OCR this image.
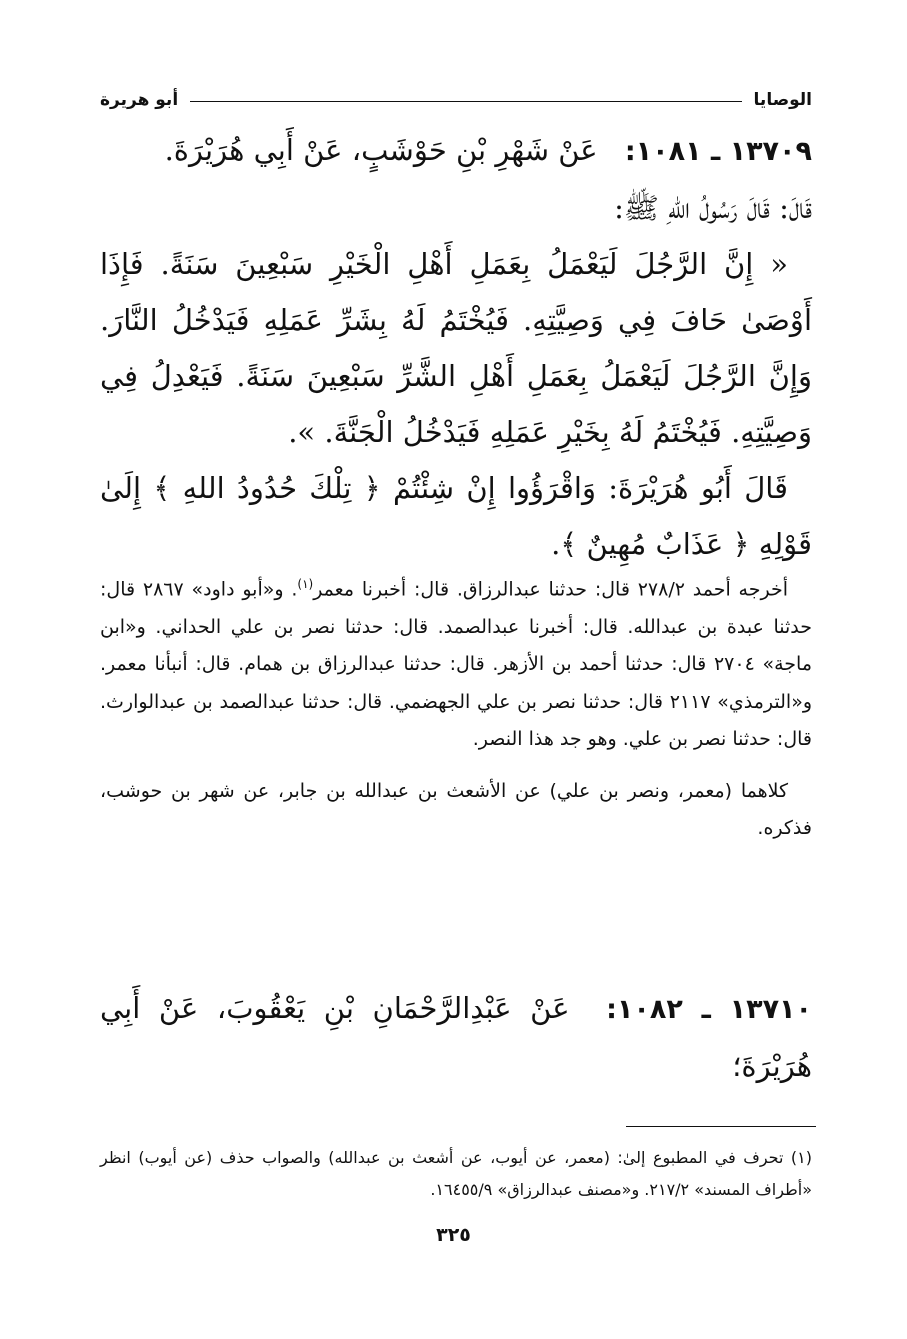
الوصايا
أبو هريرة

١٣٧٠٩ ـ ١٠٨١: عَنْ شَهْرِ بْنِ حَوْشَبٍ، عَنْ أَبِي هُرَيْرَةَ.

قَالَ: قَالَ رَسُولُ اللهِ ﷺ:

« إِنَّ الرَّجُلَ لَيَعْمَلُ بِعَمَلِ أَهْلِ الْخَيْرِ سَبْعِينَ سَنَةً. فَإِذَا أَوْصَىٰ حَافَ فِي وَصِيَّتِهِ. فَيُخْتَمُ لَهُ بِشَرِّ عَمَلِهِ فَيَدْخُلُ النَّارَ. وَإِنَّ الرَّجُلَ لَيَعْمَلُ بِعَمَلِ أَهْلِ الشَّرِّ سَبْعِينَ سَنَةً. فَيَعْدِلُ فِي وَصِيَّتِهِ. فَيُخْتَمُ لَهُ بِخَيْرِ عَمَلِهِ فَيَدْخُلُ الْجَنَّةَ. ».

قَالَ أَبُو هُرَيْرَةَ: وَاقْرَؤُوا إِنْ شِئْتُمْ ﴿ تِلْكَ حُدُودُ اللهِ ﴾ إِلَىٰ قَوْلِهِ ﴿ عَذَابٌ مُهِينٌ ﴾.

أخرجه أحمد ٢٧٨/٢ قال: حدثنا عبدالرزاق. قال: أخبرنا معمر$^{(١)}$. و«أبو داود» ٢٨٦٧ قال: حدثنا عبدة بن عبدالله. قال: أخبرنا عبدالصمد. قال: حدثنا نصر بن علي الحداني. و«ابن ماجة» ٢٧٠٤ قال: حدثنا أحمد بن الأزهر. قال: حدثنا عبدالرزاق بن همام. قال: أنبأنا معمر. و«الترمذي» ٢١١٧ قال: حدثنا نصر بن علي الجهضمي. قال: حدثنا عبدالصمد بن عبدالوارث. قال: حدثنا نصر بن علي. وهو جد هذا النصر.

كلاهما (معمر، ونصر بن علي) عن الأشعث بن عبدالله بن جابر، عن شهر بن حوشب، فذكره.

١٣٧١٠ ـ ١٠٨٢: عَنْ عَبْدِالرَّحْمَانِ بْنِ يَعْقُوبَ، عَنْ أَبِي هُرَيْرَةَ؛

(١) تحرف في المطبوع إلىٰ: (معمر، عن أيوب، عن أشعث بن عبدالله) والصواب حذف (عن أيوب) انظر «أطراف المسند» ٢١٧/٢. و«مصنف عبدالرزاق» ١٦٤٥٥/٩.

٣٢٥
